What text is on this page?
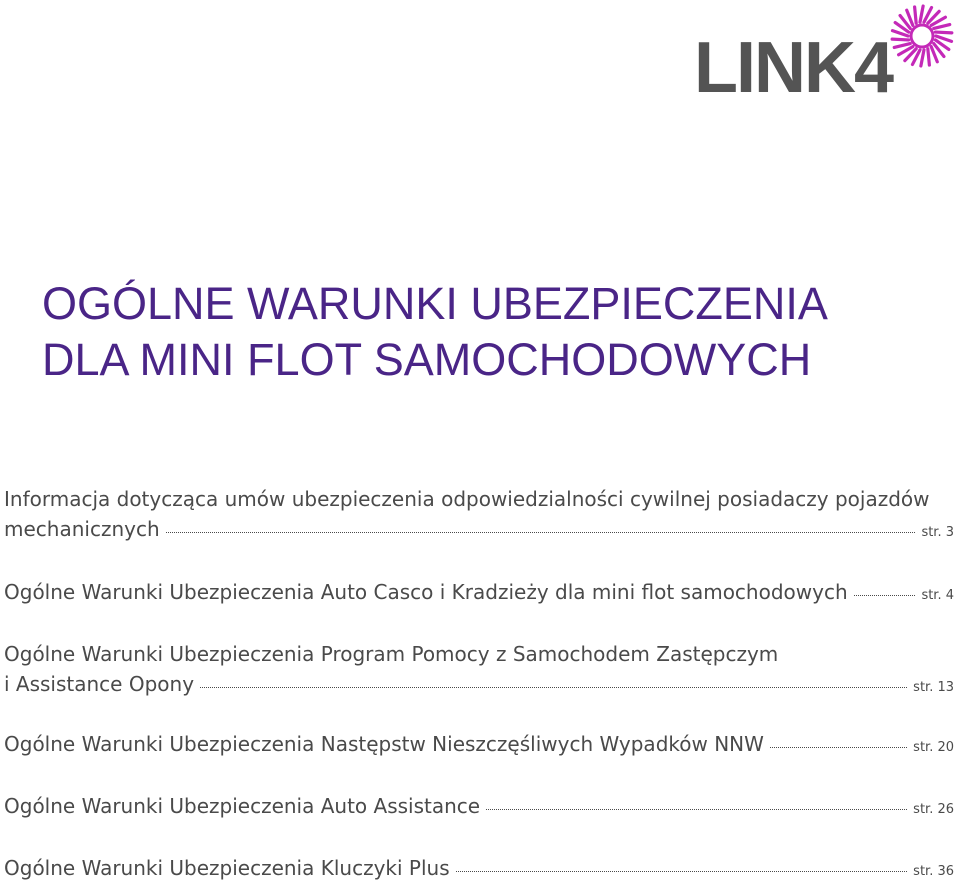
LINK4
OGÓLNE WARUNKI UBEZPIECZENIA
DLA MINI FLOT SAMOCHODOWYCH
Informacja dotycząca umów ubezpieczenia odpowiedzialności cywilnej posiadaczy pojazdów
mechanicznych	str. 3
Ogólne Warunki Ubezpieczenia Auto Casco i Kradzieży dla mini flot samochodowych	str. 4
Ogólne Warunki Ubezpieczenia Program Pomocy z Samochodem Zastępczym
i Assistance Opony	str. 13
Ogólne Warunki Ubezpieczenia Następstw Nieszczęśliwych Wypadków NNW	str. 20
Ogólne Warunki Ubezpieczenia Auto Assistance	str. 26
Ogólne Warunki Ubezpieczenia Kluczyki Plus	str. 36
